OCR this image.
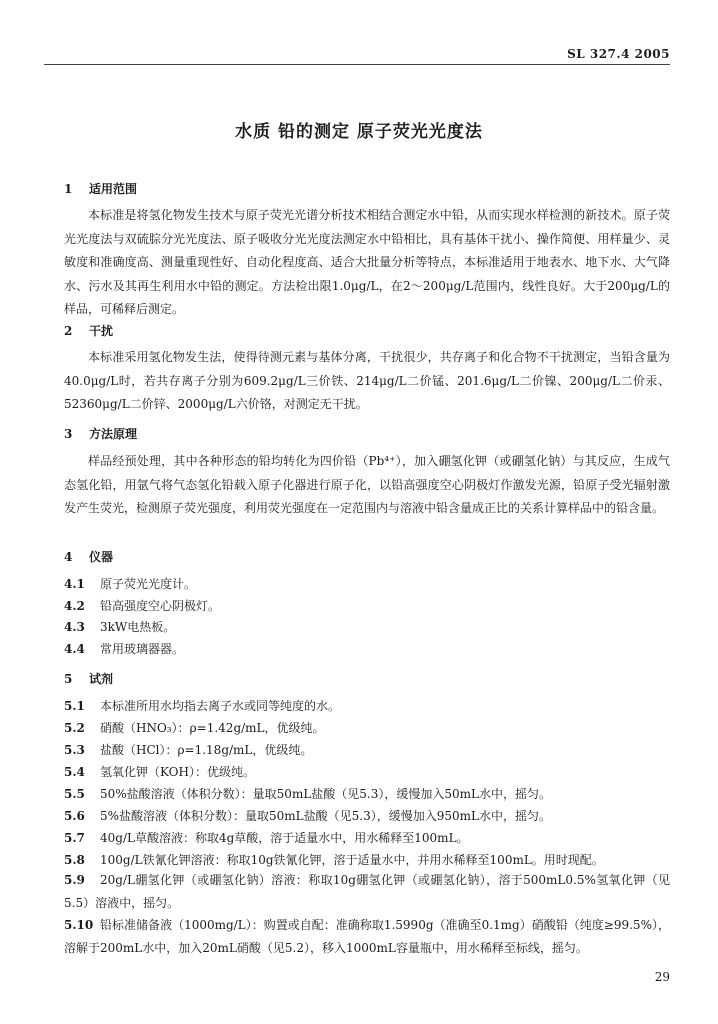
SL 327.4 2005
水质 铅的测定 原子荧光光度法
1    适用范围
本标准是将氢化物发生技术与原子荧光光谱分析技术相结合测定水中铅，从而实现水样检测的新技术。原子荧光光度法与双硫腙分光光度法、原子吸收分光光度法测定水中铅相比，具有基体干扰小、操作简便、用样量少、灵敏度和准确度高、测量重现性好、自动化程度高、适合大批量分析等特点，本标准适用于地表水、地下水、大气降水、污水及其再生利用水中铅的测定。方法检出限1.0μg/L，在2～200μg/L范围内，线性良好。大于200μg/L的样品，可稀释后测定。
2    干扰
本标准采用氢化物发生法，使得待测元素与基体分离，干扰很少，共存离子和化合物不干扰测定，当铅含量为40.0μg/L时，若共存离子分别为609.2μg/L三价铁、214μg/L二价锰、201.6μg/L二价镍、200μg/L二价汞、52360μg/L二价锌、2000μg/L六价铬，对测定无干扰。
3    方法原理
样品经预处理，其中各种形态的铅均转化为四价铅（Pb⁴⁺），加入硼氢化钾（或硼氢化钠）与其反应，生成气态氢化铅，用氩气将气态氢化铅载入原子化器进行原子化，以铅高强度空心阴极灯作激发光源，铅原子受光辐射激发产生荧光，检测原子荧光强度，利用荧光强度在一定范围内与溶液中铅含量成正比的关系计算样品中的铅含量。
4    仪器
4.1 原子荧光光度计。
4.2 铅高强度空心阴极灯。
4.3 3kW电热板。
4.4 常用玻璃器器。
5    试剂
5.1 本标准所用水均指去离子水或同等纯度的水。
5.2 硝酸（HNO₃）：ρ=1.42g/mL，优级纯。
5.3 盐酸（HCl）：ρ=1.18g/mL，优级纯。
5.4 氢氧化钾（KOH）：优级纯。
5.5 50%盐酸溶液（体积分数）：量取50mL盐酸（见5.3），缓慢加入50mL水中，摇匀。
5.6 5%盐酸溶液（体积分数）：量取50mL盐酸（见5.3），缓慢加入950mL水中，摇匀。
5.7 40g/L草酸溶液：称取4g草酸，溶于适量水中，用水稀释至100mL。
5.8 100g/L铁氰化钾溶液：称取10g铁氰化钾，溶于适量水中，并用水稀释至100mL。用时现配。
5.9 20g/L硼氢化钾（或硼氢化钠）溶液：称取10g硼氢化钾（或硼氢化钠），溶于500mL0.5%氢氧化钾（见5.5）溶液中，摇匀。
5.10 铅标准储备液（1000mg/L）：购置或自配：准确称取1.5990g（准确至0.1mg）硝酸铅（纯度≥99.5%），溶解于200mL水中，加入20mL硝酸（见5.2），移入1000mL容量瓶中，用水稀释至标线，摇匀。
29
